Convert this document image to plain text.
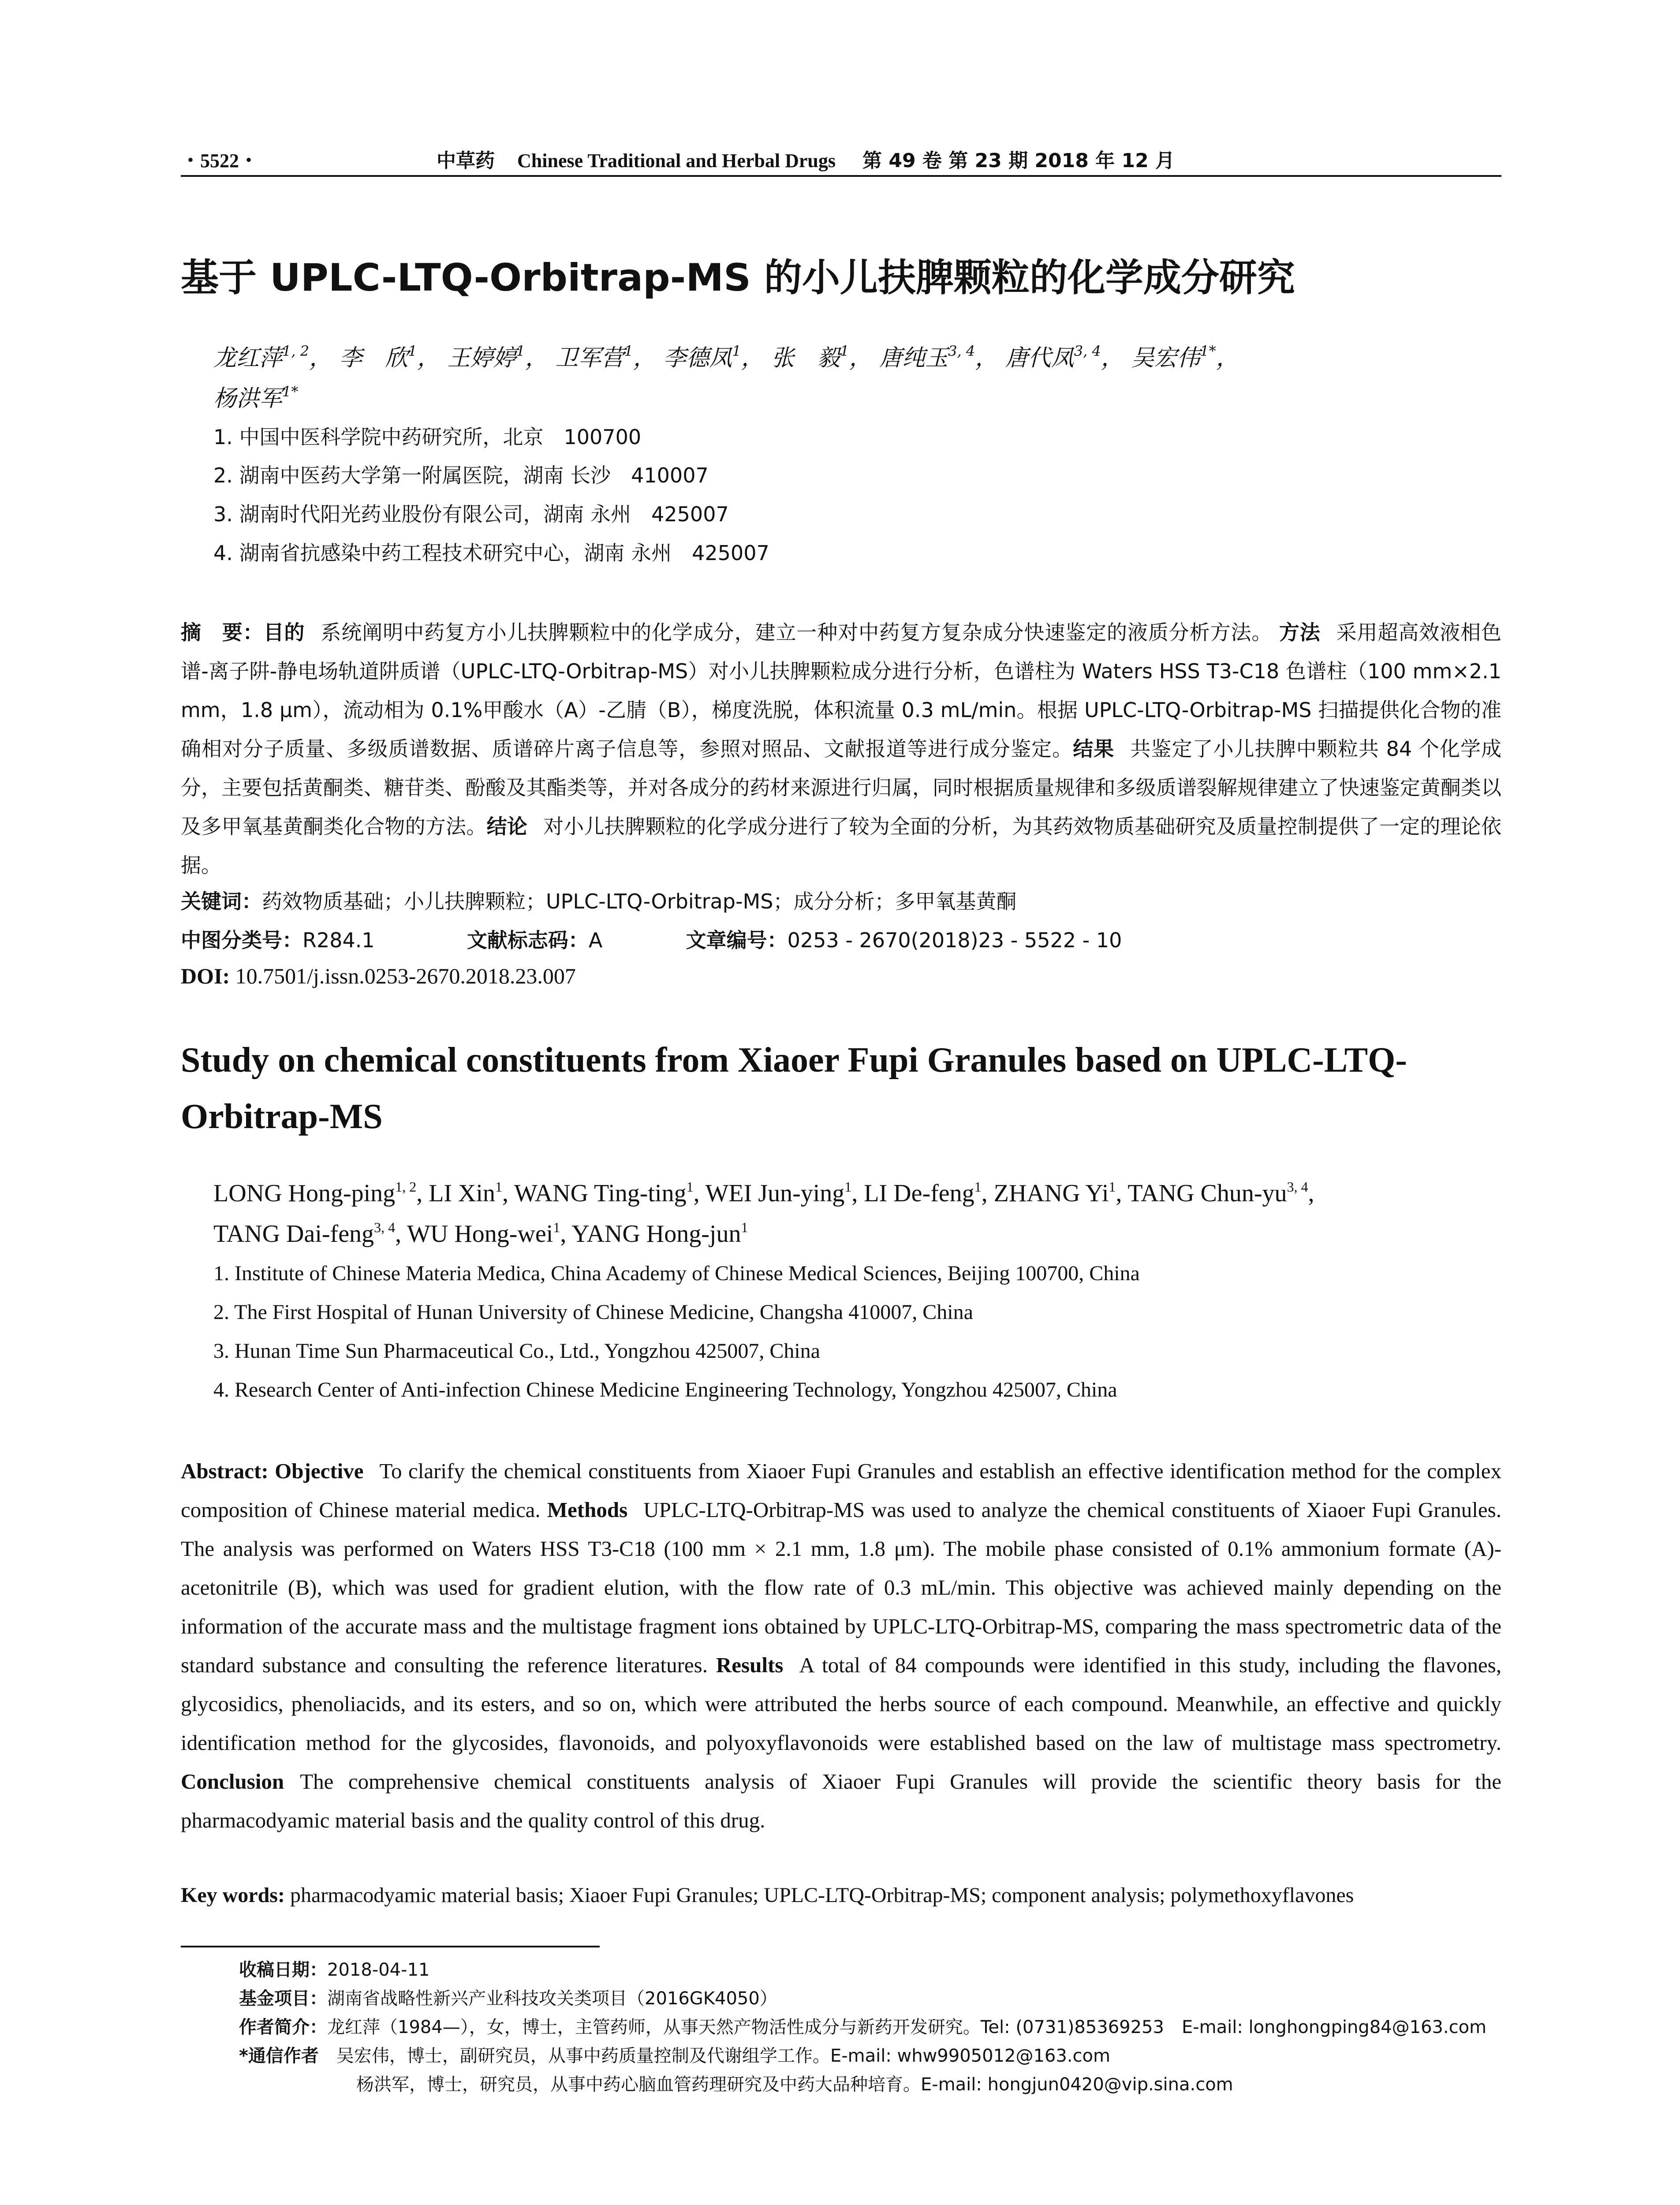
・5522・	中草药 Chinese Traditional and Herbal Drugs 第 49 卷 第 23 期 2018 年 12 月
基于 UPLC-LTQ-Orbitrap-MS 的小儿扶脾颗粒的化学成分研究
龙红萍$^{1, 2}$， 李　欣$^1$， 王婷婷$^1$， 卫军营$^1$， 李德凤$^1$， 张　毅$^1$， 唐纯玉$^{3, 4}$， 唐代凤$^{3, 4}$， 吴宏伟$^{1*}$，
杨洪军$^{1*}$
1. 中国中医科学院中药研究所，北京　100700
2. 湖南中医药大学第一附属医院，湖南 长沙　410007
3. 湖南时代阳光药业股份有限公司，湖南 永州　425007
4. 湖南省抗感染中药工程技术研究中心，湖南 永州　425007
摘　要：目的 系统阐明中药复方小儿扶脾颗粒中的化学成分，建立一种对中药复方复杂成分快速鉴定的液质分析方法。 方法 采用超高效液相色谱-离子阱-静电场轨道阱质谱（UPLC-LTQ-Orbitrap-MS）对小儿扶脾颗粒成分进行分析，色谱柱为 Waters HSS T3-C18 色谱柱（100 mm×2.1 mm，1.8 μm），流动相为 0.1%甲酸水（A）-乙腈（B），梯度洗脱，体积流量 0.3 mL/min。根据 UPLC-LTQ-Orbitrap-MS 扫描提供化合物的准确相对分子质量、多级质谱数据、质谱碎片离子信息等，参照对照品、文献报道等进行成分鉴定。结果 共鉴定了小儿扶脾中颗粒共 84 个化学成分，主要包括黄酮类、糖苷类、酚酸及其酯类等，并对各成分的药材来源进行归属，同时根据质量规律和多级质谱裂解规律建立了快速鉴定黄酮类以及多甲氧基黄酮类化合物的方法。结论 对小儿扶脾颗粒的化学成分进行了较为全面的分析，为其药效物质基础研究及质量控制提供了一定的理论依据。
关键词：药效物质基础；小儿扶脾颗粒；UPLC-LTQ-Orbitrap-MS；成分分析；多甲氧基黄酮
中图分类号：R284.1	文献标志码：A	文章编号：0253 - 2670(2018)23 - 5522 - 10
DOI: 10.7501/j.issn.0253-2670.2018.23.007
Study on chemical constituents from Xiaoer Fupi Granules based on UPLC-LTQ-Orbitrap-MS
LONG Hong-ping$^{1, 2}$, LI Xin$^1$, WANG Ting-ting$^1$, WEI Jun-ying$^1$, LI De-feng$^1$, ZHANG Yi$^1$, TANG Chun-yu$^{3, 4}$,
TANG Dai-feng$^{3, 4}$, WU Hong-wei$^1$, YANG Hong-jun$^1$
1. Institute of Chinese Materia Medica, China Academy of Chinese Medical Sciences, Beijing 100700, China
2. The First Hospital of Hunan University of Chinese Medicine, Changsha 410007, China
3. Hunan Time Sun Pharmaceutical Co., Ltd., Yongzhou 425007, China
4. Research Center of Anti-infection Chinese Medicine Engineering Technology, Yongzhou 425007, China
Abstract: Objective To clarify the chemical constituents from Xiaoer Fupi Granules and establish an effective identification method for the complex composition of Chinese material medica. Methods UPLC-LTQ-Orbitrap-MS was used to analyze the chemical constituents of Xiaoer Fupi Granules. The analysis was performed on Waters HSS T3-C18 (100 mm × 2.1 mm, 1.8 μm). The mobile phase consisted of 0.1% ammonium formate (A)-acetonitrile (B), which was used for gradient elution, with the flow rate of 0.3 mL/min. This objective was achieved mainly depending on the information of the accurate mass and the multistage fragment ions obtained by UPLC-LTQ-Orbitrap-MS, comparing the mass spectrometric data of the standard substance and consulting the reference literatures. Results A total of 84 compounds were identified in this study, including the flavones, glycosidics, phenoliacids, and its esters, and so on, which were attributed the herbs source of each compound. Meanwhile, an effective and quickly identification method for the glycosides, flavonoids, and polyoxyflavonoids were established based on the law of multistage mass spectrometry. Conclusion The comprehensive chemical constituents analysis of Xiaoer Fupi Granules will provide the scientific theory basis for the pharmacodyamic material basis and the quality control of this drug.
Key words: pharmacodyamic material basis; Xiaoer Fupi Granules; UPLC-LTQ-Orbitrap-MS; component analysis; polymethoxyflavones
收稿日期：2018-04-11
基金项目：湖南省战略性新兴产业科技攻关类项目（2016GK4050）
作者简介：龙红萍（1984—），女，博士，主管药师，从事天然产物活性成分与新药开发研究。Tel: (0731)85369253　E-mail: longhongping84@163.com
*通信作者 吴宏伟，博士，副研究员，从事中药质量控制及代谢组学工作。E-mail: whw9905012@163.com
杨洪军，博士，研究员，从事中药心脑血管药理研究及中药大品种培育。E-mail: hongjun0420@vip.sina.com
